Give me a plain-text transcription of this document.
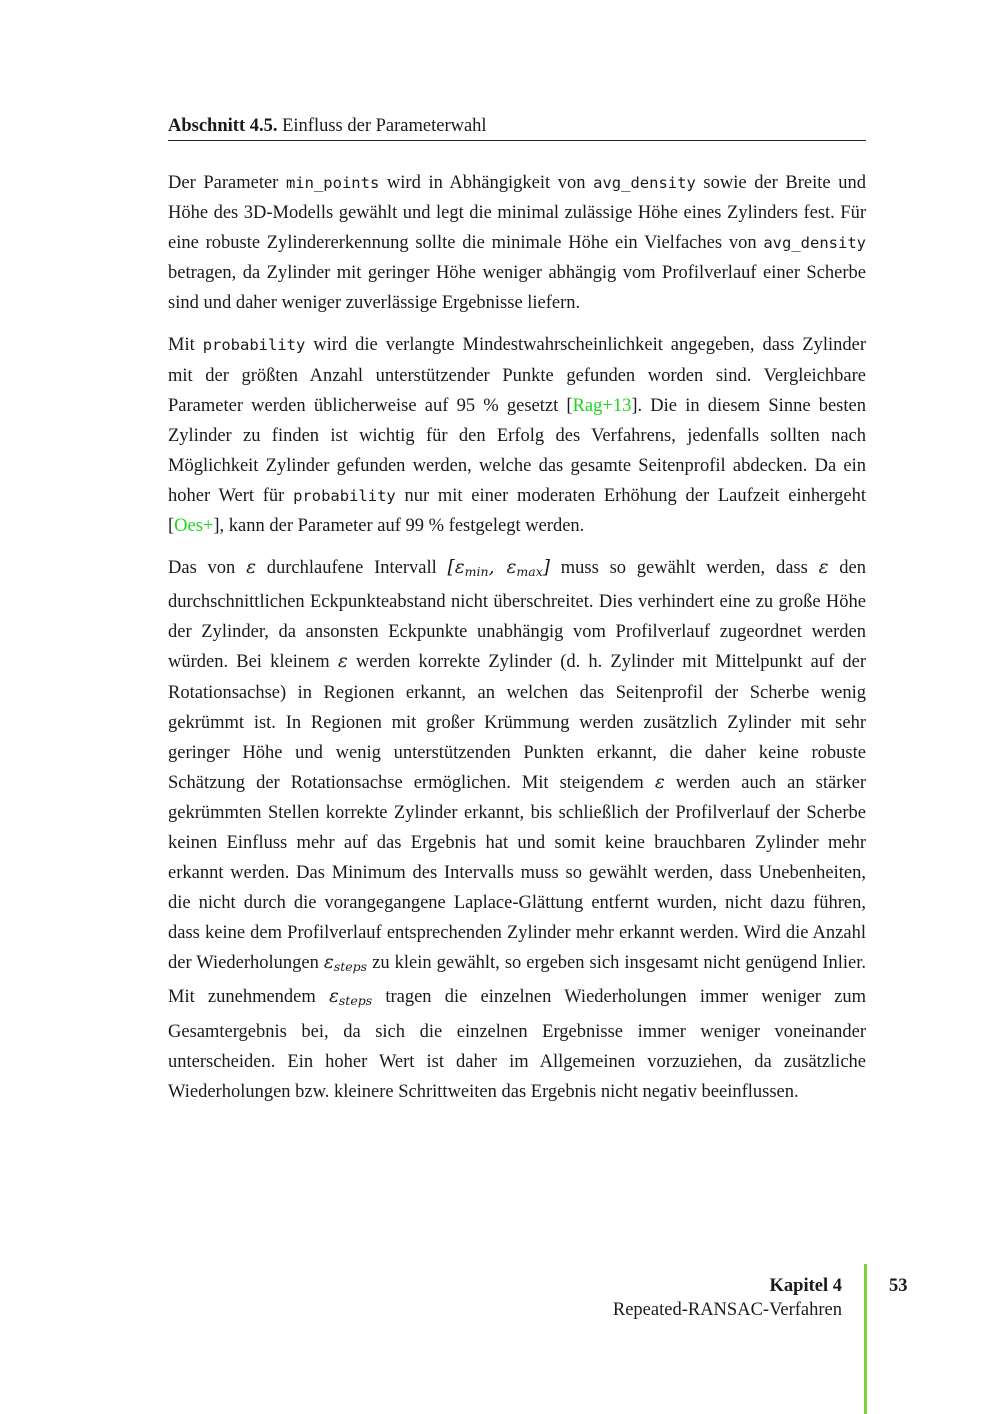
Abschnitt 4.5. Einfluss der Parameterwahl

Der Parameter min_points wird in Abhängigkeit von avg_density sowie der Breite und Höhe des 3D-Modells gewählt und legt die minimal zulässige Höhe eines Zylinders fest. Für eine robuste Zylindererkennung sollte die minimale Höhe ein Vielfaches von avg_density betragen, da Zylinder mit geringer Höhe weniger abhängig vom Profilverlauf einer Scherbe sind und daher weniger zuverlässige Ergebnisse liefern.

Mit probability wird die verlangte Mindestwahrscheinlichkeit angegeben, dass Zylinder mit der größten Anzahl unterstützender Punkte gefunden worden sind. Vergleichbare Parameter werden üblicherweise auf 95 % gesetzt [Rag+13]. Die in diesem Sinne besten Zylinder zu finden ist wichtig für den Erfolg des Verfahrens, jedenfalls sollten nach Möglichkeit Zylinder gefunden werden, welche das gesamte Seitenprofil abdecken. Da ein hoher Wert für probability nur mit einer moderaten Erhöhung der Laufzeit einhergeht [Oes+], kann der Parameter auf 99 % festgelegt werden.

Das von ε durchlaufene Intervall [$\varepsilon_{min}$, $\varepsilon_{max}$] muss so gewählt werden, dass ε den durchschnittlichen Eckpunkteabstand nicht überschreitet. Dies verhindert eine zu große Höhe der Zylinder, da ansonsten Eckpunkte unabhängig vom Profilverlauf zugeordnet werden würden. Bei kleinem ε werden korrekte Zylinder (d. h. Zylinder mit Mittelpunkt auf der Rotationsachse) in Regionen erkannt, an welchen das Seitenprofil der Scherbe wenig gekrümmt ist. In Regionen mit großer Krümmung werden zusätzlich Zylinder mit sehr geringer Höhe und wenig unterstützenden Punkten erkannt, die daher keine robuste Schätzung der Rotationsachse ermöglichen. Mit steigendem ε werden auch an stärker gekrümmten Stellen korrekte Zylinder erkannt, bis schließlich der Profilverlauf der Scherbe keinen Einfluss mehr auf das Ergebnis hat und somit keine brauchbaren Zylinder mehr erkannt werden. Das Minimum des Intervalls muss so gewählt werden, dass Unebenheiten, die nicht durch die vorangegangene Laplace-Glättung entfernt wurden, nicht dazu führen, dass keine dem Profilverlauf entsprechenden Zylinder mehr erkannt werden. Wird die Anzahl der Wiederholungen $\varepsilon_{steps}$ zu klein gewählt, so ergeben sich insgesamt nicht genügend Inlier. Mit zunehmendem $\varepsilon_{steps}$ tragen die einzelnen Wiederholungen immer weniger zum Gesamtergebnis bei, da sich die einzelnen Ergebnisse immer weniger voneinander unterscheiden. Ein hoher Wert ist daher im Allgemeinen vorzuziehen, da zusätzliche Wiederholungen bzw. kleinere Schrittweiten das Ergebnis nicht negativ beeinflussen.

Kapitel 4
Repeated-RANSAC-Verfahren
53
